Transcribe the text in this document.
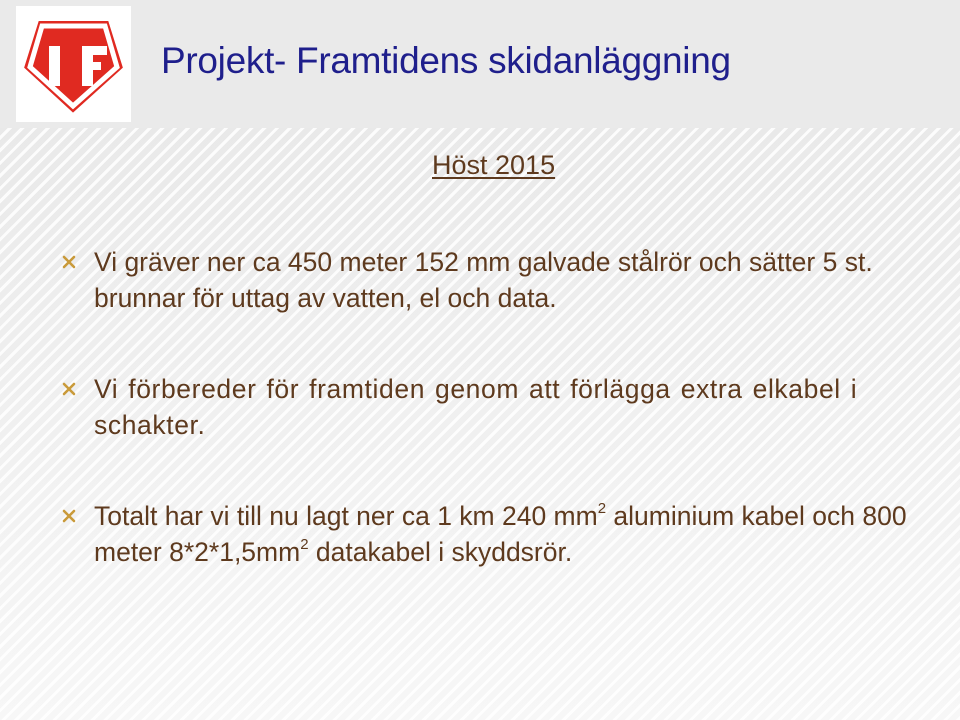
Projekt- Framtidens skidanläggning
Höst 2015
Vi gräver ner ca 450 meter 152 mm galvade stålrör och sätter 5 st. brunnar för uttag av vatten, el och data.
Vi förbereder för framtiden genom att förlägga extra elkabel i schakter.
Totalt har vi till nu lagt ner ca 1 km 240 $mm^2$ aluminium kabel och 800 meter $8*2*1,5mm^2$ datakabel i skyddsrör.
